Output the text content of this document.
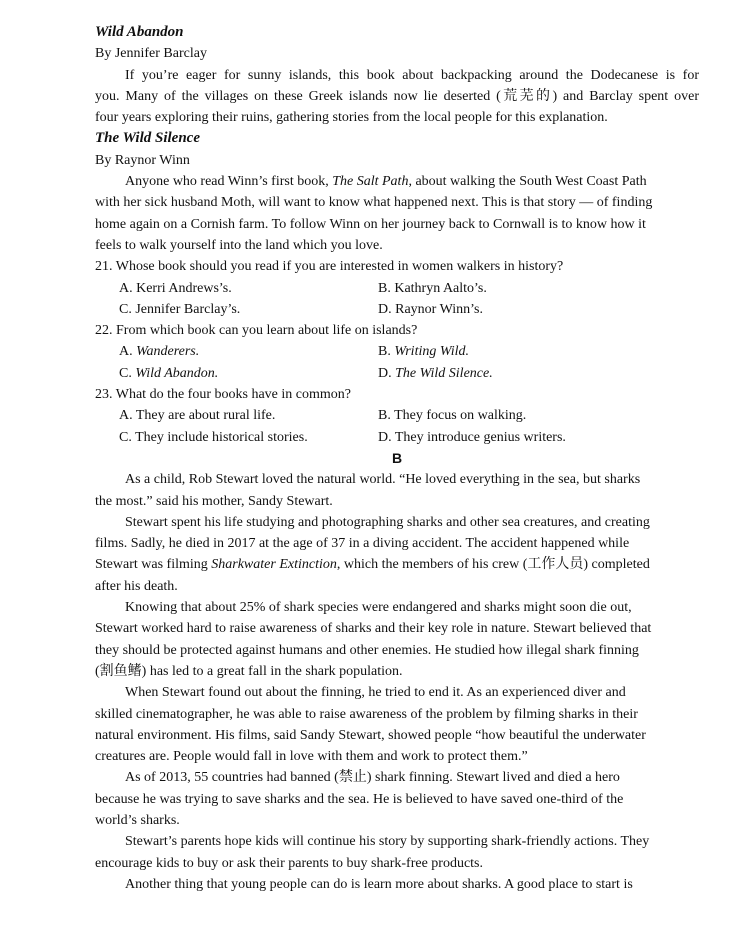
Wild Abandon
By Jennifer Barclay
If you’re eager for sunny islands, this book about backpacking around the Dodecanese is for
you. Many of the villages on these Greek islands now lie deserted (荒芜的) and Barclay spent over
four years exploring their ruins, gathering stories from the local people for this explanation.
The Wild Silence
By Raynor Winn
Anyone who read Winn’s first book, The Salt Path, about walking the South West Coast Path
with her sick husband Moth, will want to know what happened next. This is that story — of finding
home again on a Cornish farm. To follow Winn on her journey back to Cornwall is to know how it
feels to walk yourself into the land which you love.
21. Whose book should you read if you are interested in women walkers in history?
A. Kerri Andrews’s.	B. Kathryn Aalto’s.
C. Jennifer Barclay’s.	D. Raynor Winn’s.
22. From which book can you learn about life on islands?
A. Wanderers.	B. Writing Wild.
C. Wild Abandon.	D. The Wild Silence.
23. What do the four books have in common?
A. They are about rural life.	B. They focus on walking.
C. They include historical stories.	D. They introduce genius writers.
B
As a child, Rob Stewart loved the natural world. “He loved everything in the sea, but sharks
the most.” said his mother, Sandy Stewart.
Stewart spent his life studying and photographing sharks and other sea creatures, and creating
films. Sadly, he died in 2017 at the age of 37 in a diving accident. The accident happened while
Stewart was filming Sharkwater Extinction, which the members of his crew (工作人员) completed
after his death.
Knowing that about 25% of shark species were endangered and sharks might soon die out,
Stewart worked hard to raise awareness of sharks and their key role in nature. Stewart believed that
they should be protected against humans and other enemies. He studied how illegal shark finning
(割鱼鳍) has led to a great fall in the shark population.
When Stewart found out about the finning, he tried to end it. As an experienced diver and
skilled cinematographer, he was able to raise awareness of the problem by filming sharks in their
natural environment. His films, said Sandy Stewart, showed people “how beautiful the underwater
creatures are. People would fall in love with them and work to protect them.”
As of 2013, 55 countries had banned (禁止) shark finning. Stewart lived and died a hero
because he was trying to save sharks and the sea. He is believed to have saved one-third of the
world’s sharks.
Stewart’s parents hope kids will continue his story by supporting shark-friendly actions. They
encourage kids to buy or ask their parents to buy shark-free products.
Another thing that young people can do is learn more about sharks. A good place to start is
